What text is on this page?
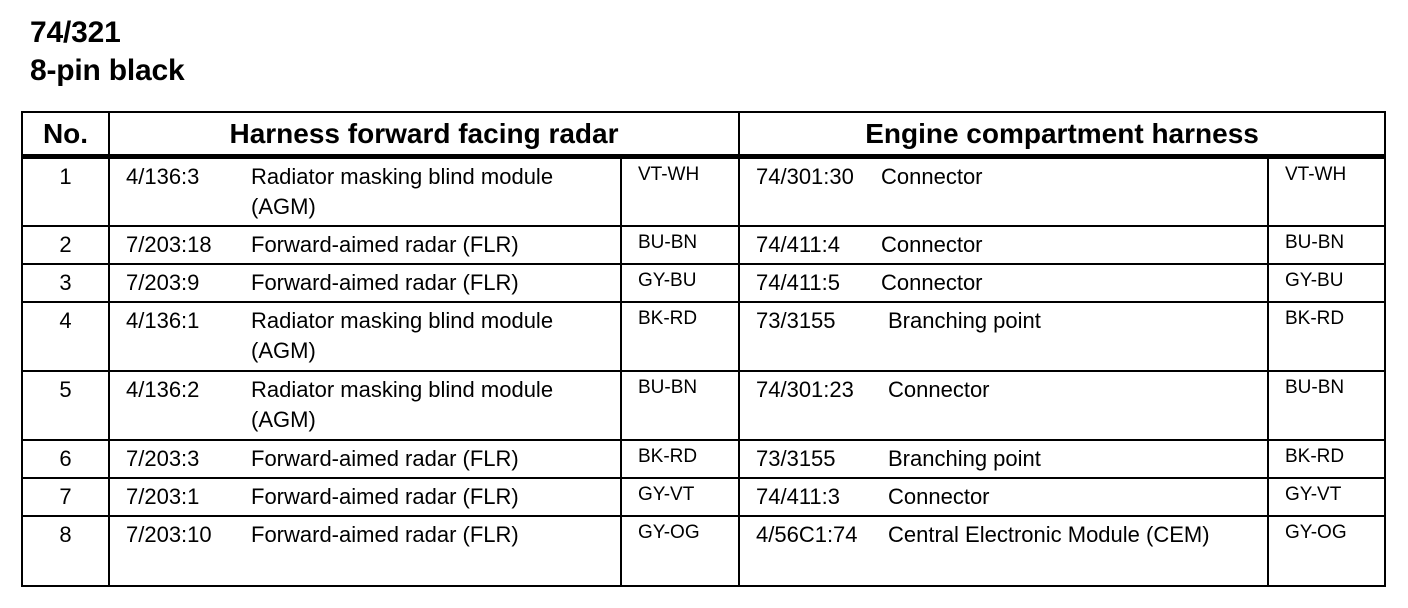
74/321
8-pin black
No.	Harness forward facing radar			Engine compartment harness		

1	4/136:3	Radiator masking blind module (AGM)	VT-WH	74/301:30	Connector	VT-WH

2	7/203:18	Forward-aimed radar (FLR)	BU-BN	74/411:4	Connector	BU-BN

3	7/203:9	Forward-aimed radar (FLR)	GY-BU	74/411:5	Connector	GY-BU

4	4/136:1	Radiator masking blind module (AGM)	BK-RD	73/3155	Branching point	BK-RD

5	4/136:2	Radiator masking blind module (AGM)	BU-BN	74/301:23	Connector	BU-BN

6	7/203:3	Forward-aimed radar (FLR)	BK-RD	73/3155	Branching point	BK-RD

7	7/203:1	Forward-aimed radar (FLR)	GY-VT	74/411:3	Connector	GY-VT

8	7/203:10	Forward-aimed radar (FLR)	GY-OG	4/56C1:74	Central Electronic Module (CEM)	GY-OG
